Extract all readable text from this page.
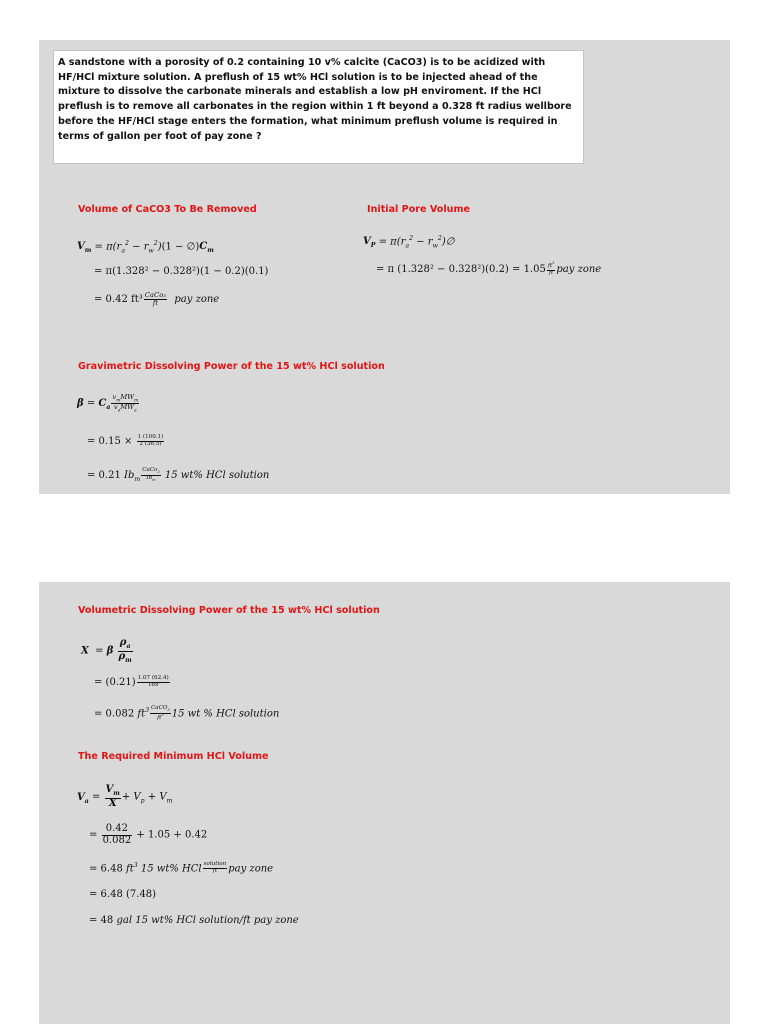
A sandstone with a porosity of 0.2 containing 10 v% calcite (CaCO3) is to be acidized with HF/HCl mixture solution. A preflush of 15 wt% HCl solution is to be injected ahead of the mixture to dissolve the carbonate minerals and establish a low pH enviroment. If the HCl preflush is to remove all carbonates in the region within 1 ft beyond a 0.328 ft radius wellbore before the HF/HCl stage enters the formation, what minimum preflush volume is required in terms of gallon per foot of pay zone ?
Volume of CaCO3 To Be Removed
$V_m = \pi(r_a^2 - r_w^2)(1$ − $\emptyset)C_m$
= π(1.328² − 0.328²)(1 − 0.2)(0.1)
= 0.42 $ft^3 \frac{\text{CaCo₃}}{ft}$ pay zone
Initial Pore Volume
$V_P = \pi(r_a^2$ − $r_w^2)\emptyset$
= π $(1.328^2 - 0.328^2)(0.2) = 1.05 \frac{ft^3}{ft}$ pay zone
Gravimetric Dissolving Power of the 15 wt% HCl solution
$\beta = C_a \frac{v_mMW_m}{v_aMW_a}$
= $0.15 \times \frac{1 (100.1)}{2 (36.5)}$
= 0.21 $Ib_m \frac{CaCo_3}{Ib_m} 15$ wt% HCl solution
Volumetric Dissolving Power of the 15 wt% HCl solution
X  = β $\frac{\rho_a}{\rho_m}$
= $(0.21) \frac{1.07 (62.4)}{169}$
= 0.082 $ft^3 \frac{CaCO_3}{ft^3} 15$ wt % HCl solution
The Required Minimum HCl Volume
$V_a = \frac{V_m}{X} + V_p + V_m$
= $\frac{0.42}{0.082} + 1.05 + 0.42$
= 6.48 $ft^3$ 15 wt% HCl $\frac{\text{solution}}{ft}$ pay zone
= 6.48 (7.48)
= 48 gal 15 wt% HCl solution/ft pay zone
